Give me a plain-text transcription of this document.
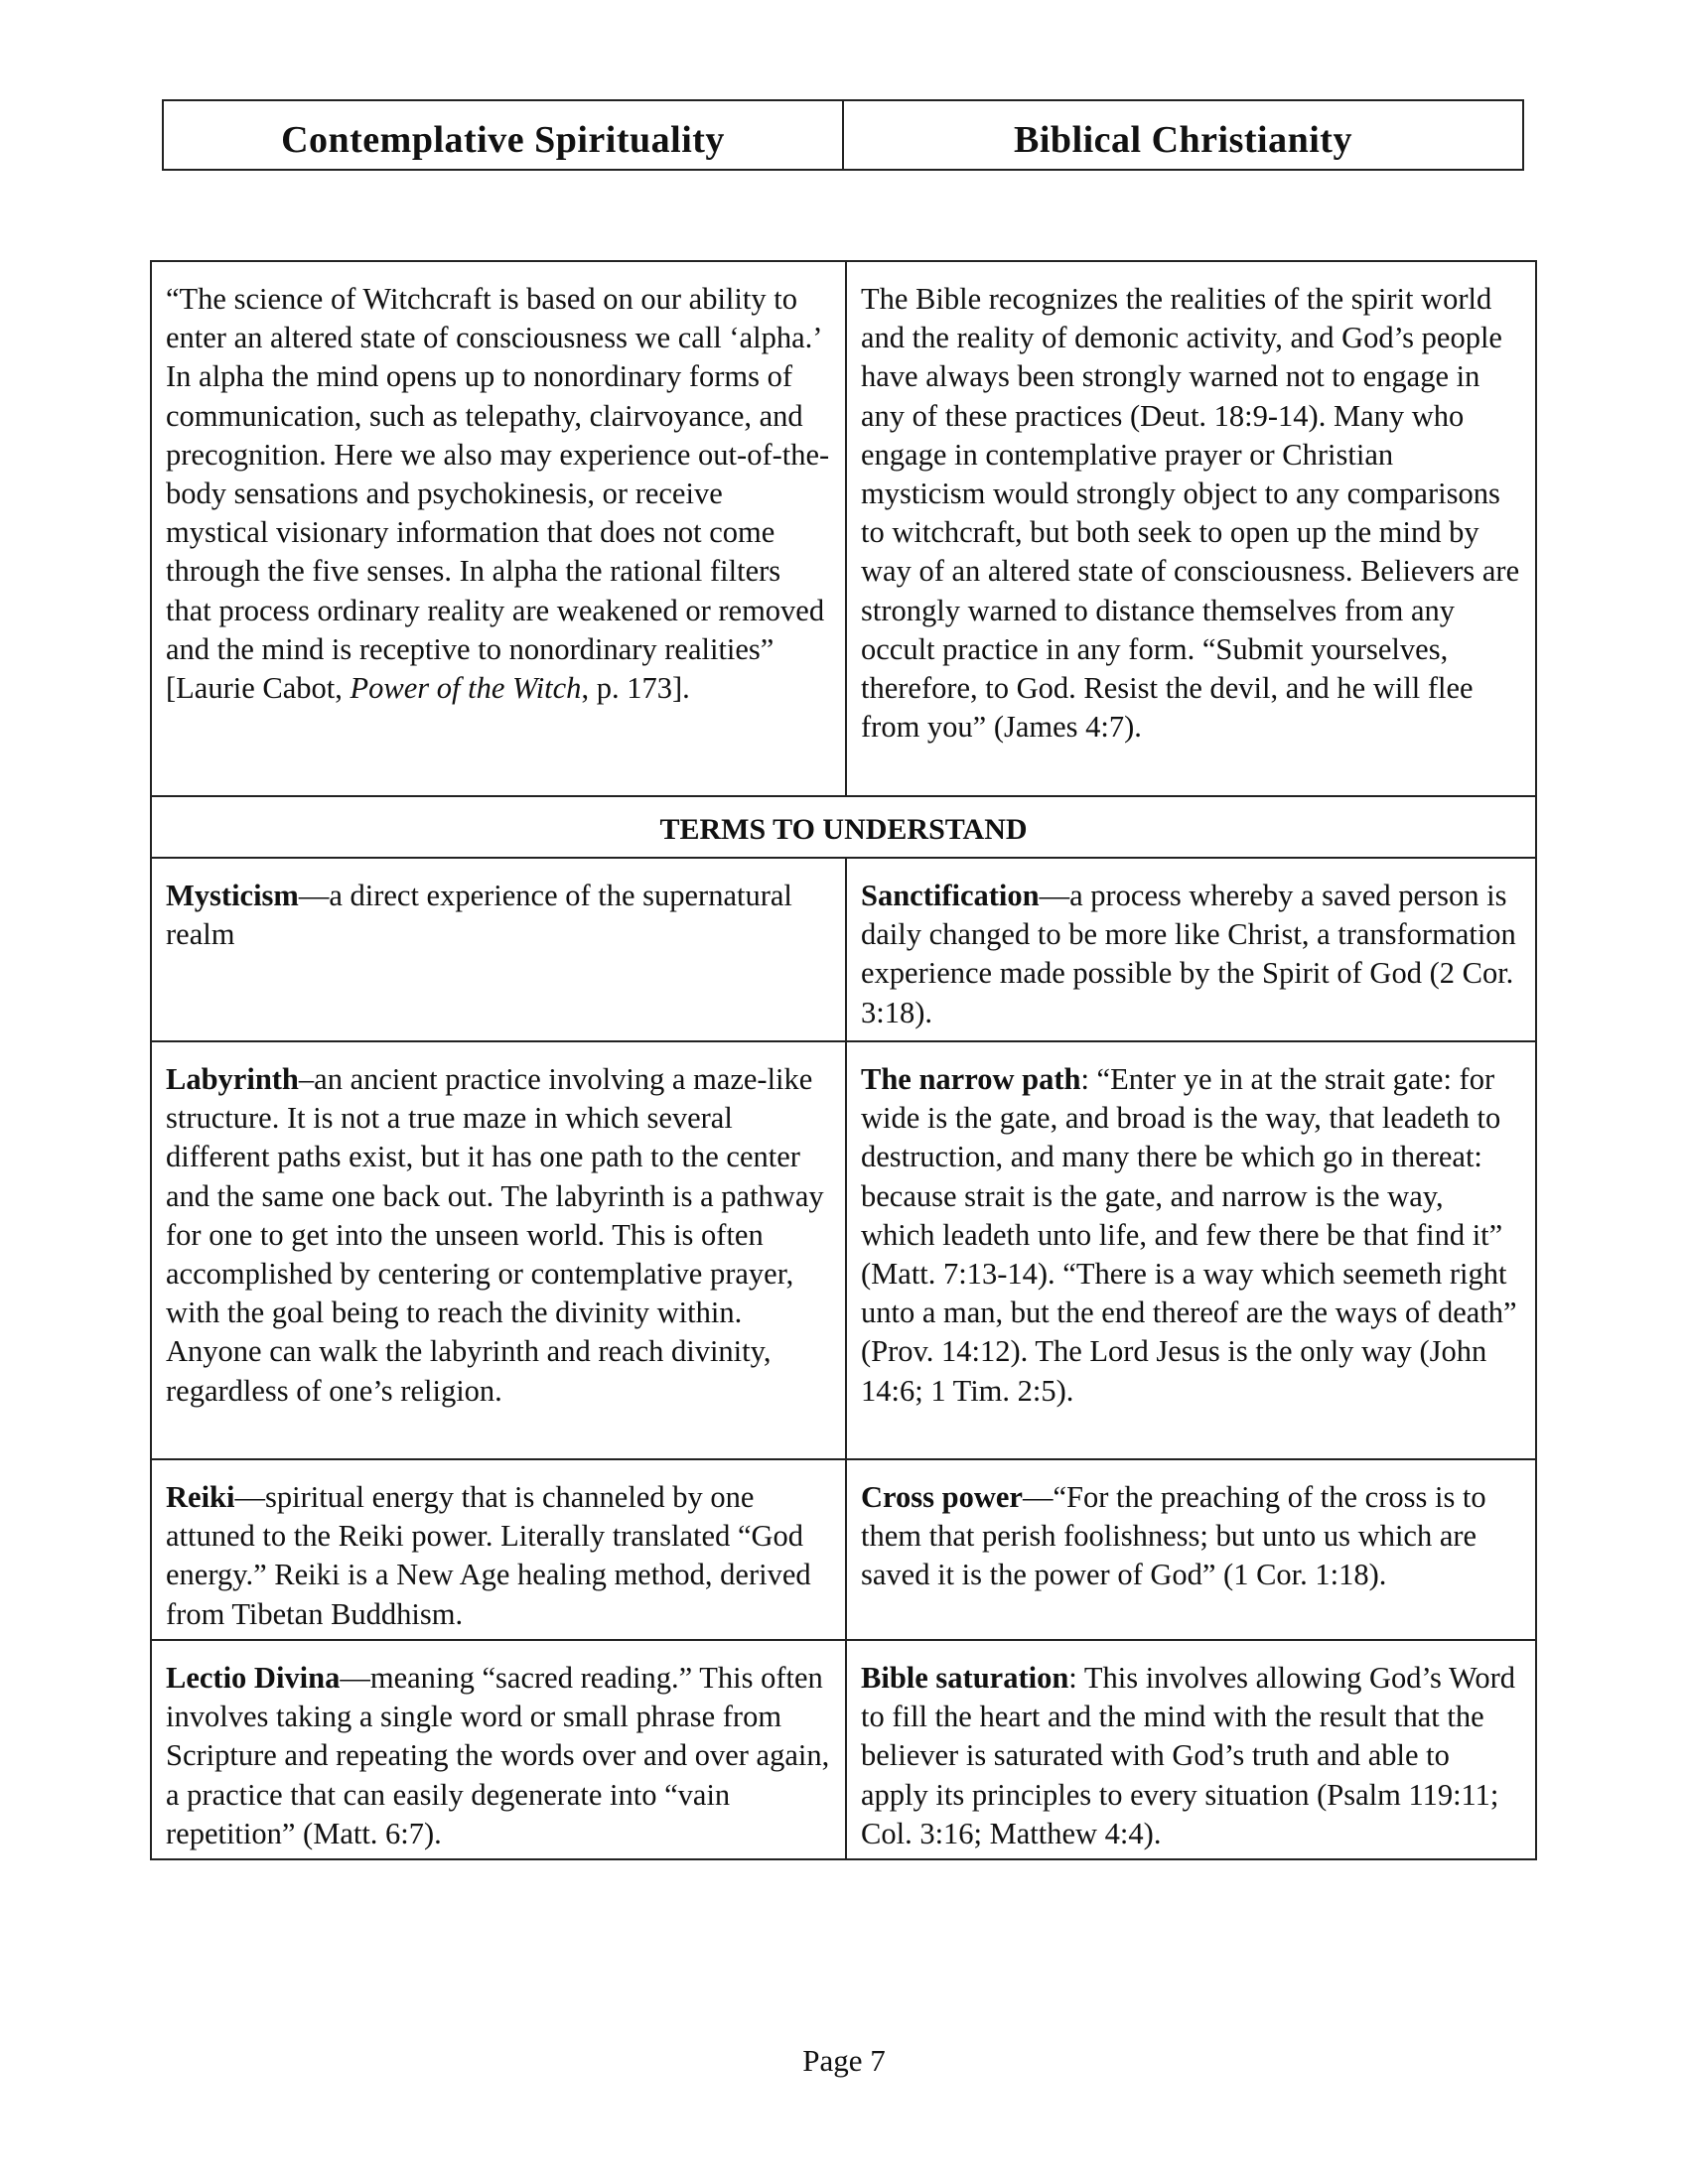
Contemplative Spirituality	Biblical Christianity
“The science of Witchcraft is based on our ability to enter an altered state of consciousness we call ‘alpha.’ In alpha the mind opens up to nonordinary forms of communication, such as telepathy, clairvoyance, and precognition. Here we also may experience out-of-the-body sensations and psychokinesis, or receive mystical visionary information that does not come through the five senses. In alpha the rational filters that process ordinary reality are weakened or removed and the mind is receptive to nonordinary realities” [Laurie Cabot, Power of the Witch, p. 173].
The Bible recognizes the realities of the spirit world and the reality of demonic activity, and God’s people have always been strongly warned not to engage in any of these practices (Deut. 18:9-14). Many who engage in contemplative prayer or Christian mysticism would strongly object to any comparisons to witchcraft, but both seek to open up the mind by way of an altered state of consciousness. Believers are strongly warned to distance themselves from any occult practice in any form. “Submit yourselves, therefore, to God. Resist the devil, and he will flee from you” (James 4:7).
TERMS TO UNDERSTAND
Mysticism—a direct experience of the supernatural realm
Sanctification—a process whereby a saved person is daily changed to be more like Christ, a transformation experience made possible by the Spirit of God (2 Cor. 3:18).
Labyrinth–an ancient practice involving a maze-like structure. It is not a true maze in which several different paths exist, but it has one path to the center and the same one back out. The labyrinth is a pathway for one to get into the unseen world. This is often accomplished by centering or contemplative prayer, with the goal being to reach the divinity within. Anyone can walk the labyrinth and reach divinity, regardless of one’s religion.
The narrow path: “Enter ye in at the strait gate: for wide is the gate, and broad is the way, that leadeth to destruction, and many there be which go in thereat: because strait is the gate, and narrow is the way, which leadeth unto life, and few there be that find it” (Matt. 7:13-14). “There is a way which seemeth right unto a man, but the end thereof are the ways of death” (Prov. 14:12). The Lord Jesus is the only way (John 14:6; 1 Tim. 2:5).
Reiki—spiritual energy that is channeled by one attuned to the Reiki power. Literally translated “God energy.” Reiki is a New Age healing method, derived from Tibetan Buddhism.
Cross power—“For the preaching of the cross is to them that perish foolishness; but unto us which are saved it is the power of God” (1 Cor. 1:18).
Lectio Divina—meaning “sacred reading.” This often involves taking a single word or small phrase from Scripture and repeating the words over and over again, a practice that can easily degenerate into “vain repetition” (Matt. 6:7).
Bible saturation: This involves allowing God’s Word to fill the heart and the mind with the result that the believer is saturated with God’s truth and able to apply its principles to every situation (Psalm 119:11; Col. 3:16; Matthew 4:4).
Page 7
